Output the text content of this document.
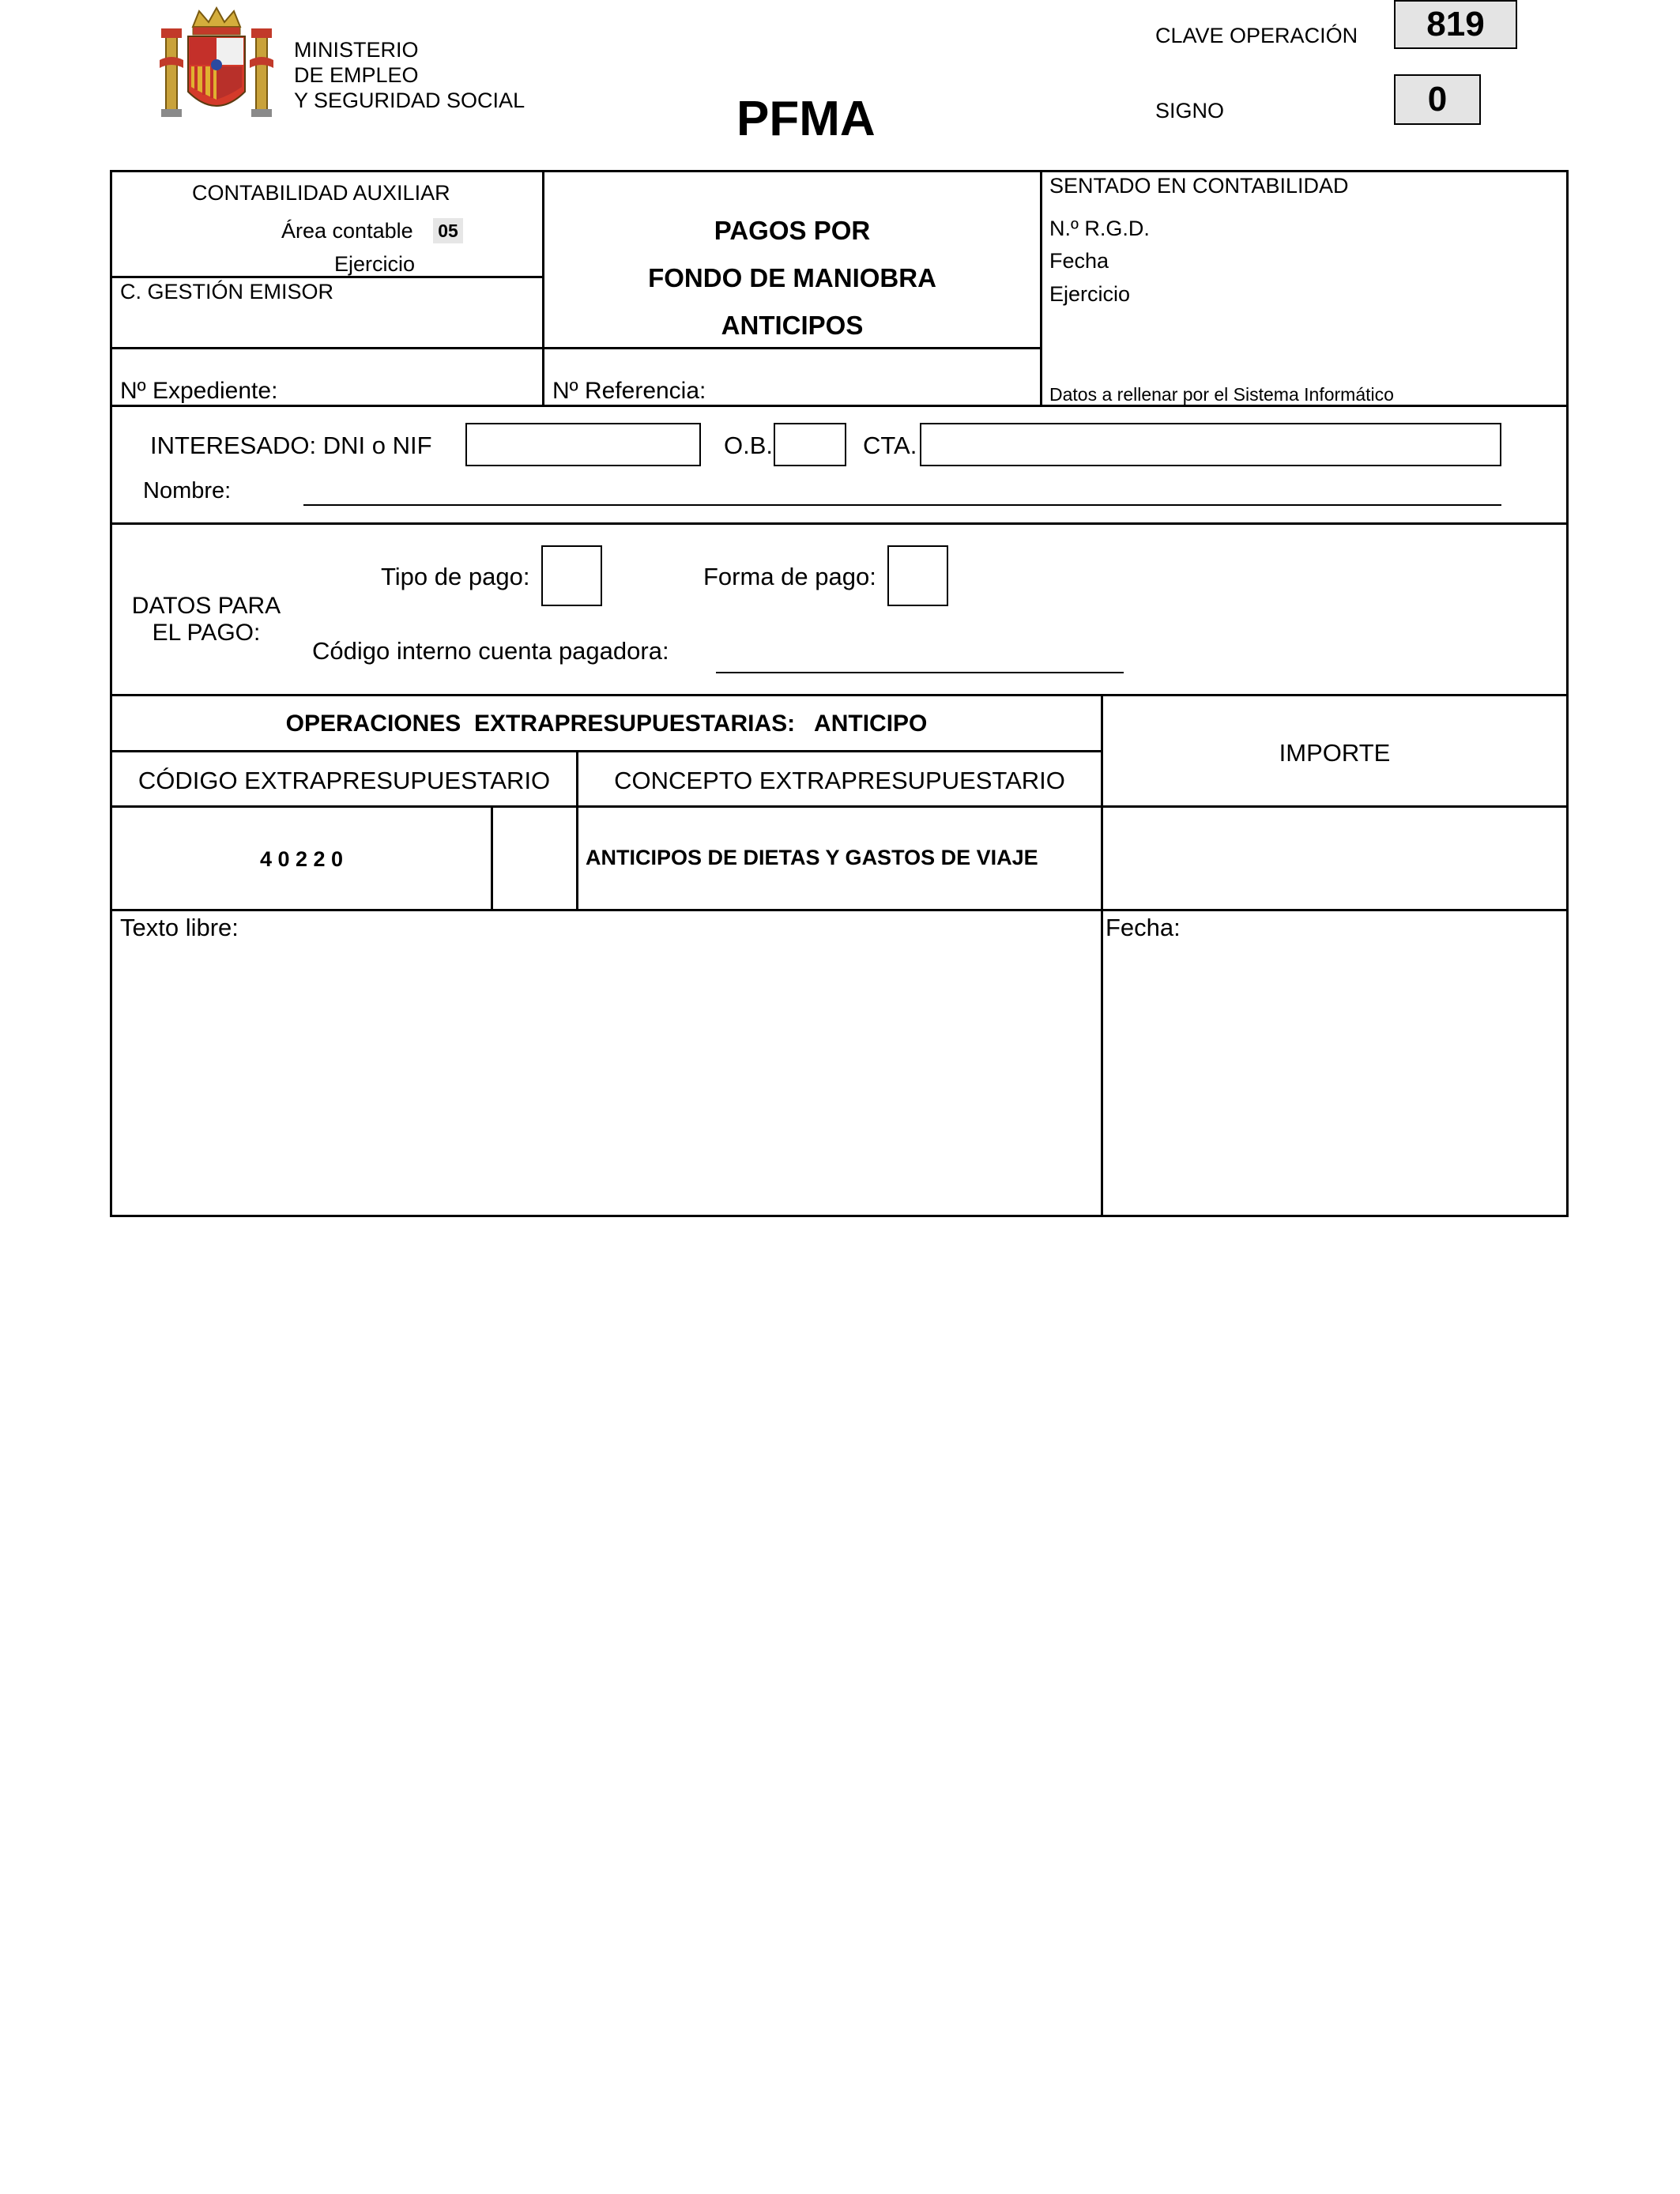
MINISTERIO
DE EMPLEO
Y SEGURIDAD SOCIAL	PFMA
CLAVE OPERACIÓN	819
SIGNO	0
CONTABILIDAD AUXILIAR
Área contable 05
Ejercicio
C. GESTIÓN EMISOR
PAGOS POR
FONDO DE MANIOBRA
ANTICIPOS
SENTADO EN CONTABILIDAD
N.º R.G.D.
Fecha
Ejercicio
Nº Expediente:	Nº Referencia:	Datos a rellenar por el Sistema Informático
INTERESADO: DNI o NIF	O.B.	CTA.
Nombre:
DATOS PARA
EL PAGO:
Tipo de pago:	Forma de pago:
Código interno cuenta pagadora:
OPERACIONES  EXTRAPRESUPUESTARIAS:   ANTICIPO
IMPORTE
CÓDIGO EXTRAPRESUPUESTARIO	CONCEPTO EXTRAPRESUPUESTARIO
4 0 2 2 0	ANTICIPOS DE DIETAS Y GASTOS DE VIAJE
Texto libre:	Fecha:
